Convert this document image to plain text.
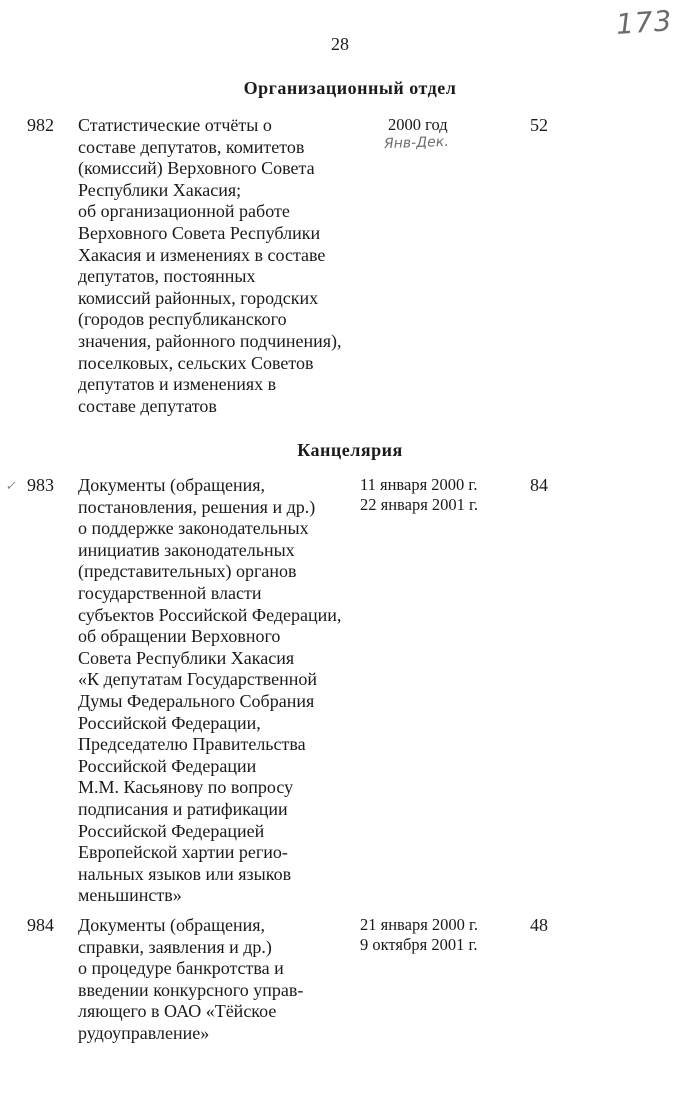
28
173
Организационный отдел
982 Статистические отчёты о
составе депутатов, комитетов
(комиссий) Верховного Совета
Республики Хакасия;
об организационной работе
Верховного Совета Республики
Хакасия и изменениях в составе
депутатов, постоянных
комиссий районных, городских
(городов республиканского
значения, районного подчинения),
поселковых, сельских Советов
депутатов и изменениях в
составе депутатов
2000 год
Янв-Дек.
52
Канцелярия
✓ 983 Документы (обращения,
постановления, решения и др.)
о поддержке законодательных
инициатив законодательных
(представительных) органов
государственной власти
субъектов Российской Федерации,
об обращении Верховного
Совета Республики Хакасия
«К депутатам Государственной
Думы Федерального Собрания
Российской Федерации,
Председателю Правительства
Российской Федерации
М.М. Касьянову по вопросу
подписания и ратификации
Российской Федерацией
Европейской хартии регио-
нальных языков или языков
меньшинств»
11 января 2000 г.
22 января 2001 г.
84
984 Документы (обращения,
справки, заявления и др.)
о процедуре банкротства и
введении конкурсного управ-
ляющего в ОАО «Тёйское
рудоуправление»
21 января 2000 г.
9 октября 2001 г.
48
